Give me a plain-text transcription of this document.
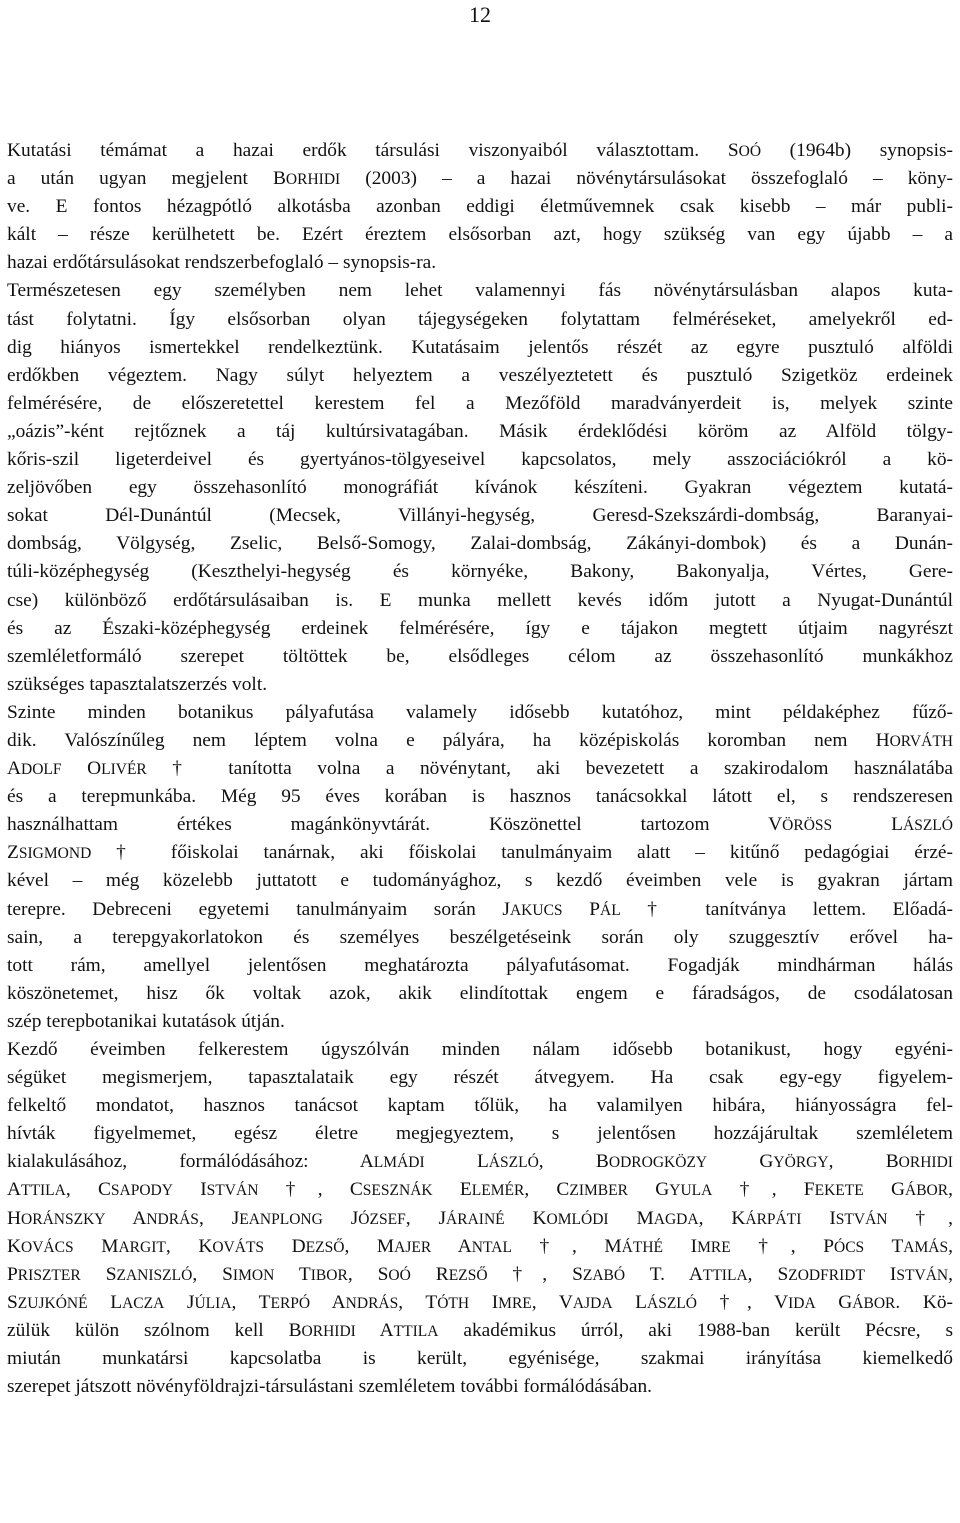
12
Kutatási témámat a hazai erdők társulási viszonyaiból választottam. SOÓ (1964b) synopsis-
a után ugyan megjelent BORHIDI (2003) – a hazai növénytársulásokat összefoglaló – köny-
ve. E fontos hézagpótló alkotásba azonban eddigi életművemnek csak kisebb – már publi-
kált – része kerülhetett be. Ezért éreztem elsősorban azt, hogy szükség van egy újabb – a
hazai erdőtársulásokat rendszerbefoglaló – synopsis-ra.
Természetesen egy személyben nem lehet valamennyi fás növénytársulásban alapos kuta-
tást folytatni. Így elsősorban olyan tájegységeken folytattam felméréseket, amelyekről ed-
dig hiányos ismertekkel rendelkeztünk. Kutatásaim jelentős részét az egyre pusztuló alföldi
erdőkben végeztem. Nagy súlyt helyeztem a veszélyeztetett és pusztuló Szigetköz erdeinek
felmérésére, de előszeretettel kerestem fel a Mezőföld maradványerdeit is, melyek szinte
„oázis”-ként rejtőznek a táj kultúrsivatagában. Másik érdeklődési köröm az Alföld tölgy-
kőris-szil ligeterdeivel és gyertyános-tölgyeseivel kapcsolatos, mely asszociációkról a kö-
zeljövőben egy összehasonlító monográfiát kívánok készíteni. Gyakran végeztem kutatá-
sokat Dél-Dunántúl (Mecsek, Villányi-hegység, Geresd-Szekszárdi-dombság, Baranyai-
dombság, Völgység, Zselic, Belső-Somogy, Zalai-dombság, Zákányi-dombok) és a Dunán-
túli-középhegység (Keszthelyi-hegység és környéke, Bakony, Bakonyalja, Vértes, Gere-
cse) különböző erdőtársulásaiban is. E munka mellett kevés időm jutott a Nyugat-Dunántúl
és az Északi-középhegység erdeinek felmérésére, így e tájakon megtett útjaim nagyrészt
szemléletformáló szerepet töltöttek be, elsődleges célom az összehasonlító munkákhoz
szükséges tapasztalatszerzés volt.
Szinte minden botanikus pályafutása valamely idősebb kutatóhoz, mint példaképhez fűző-
dik. Valószínűleg nem léptem volna e pályára, ha középiskolás koromban nem HORVÁTH
ADOLF OLIVÉR † tanította volna a növénytant, aki bevezetett a szakirodalom használatába
és a terepmunkába. Még 95 éves korában is hasznos tanácsokkal látott el, s rendszeresen
használhattam értékes magánkönyvtárát. Köszönettel tartozom VÖRÖSS	LÁSZLÓ
ZSIGMOND † főiskolai tanárnak, aki főiskolai tanulmányaim alatt – kitűnő pedagógiai érzé-
kével – még közelebb juttatott e tudományághoz, s kezdő éveimben vele is gyakran jártam
terepre. Debreceni egyetemi tanulmányaim során JAKUCS PÁL † tanítványa lettem. Előadá-
sain, a terepgyakorlatokon és személyes beszélgetéseink során oly szuggesztív erővel ha-
tott rám, amellyel jelentősen meghatározta pályafutásomat. Fogadják mindhárman hálás
köszönetemet, hisz ők voltak azok, akik elindítottak engem e fáradságos, de csodálatosan
szép terepbotanikai kutatások útján.
Kezdő éveimben felkerestem úgyszólván minden nálam idősebb botanikust, hogy egyéni-
ségüket megismerjem, tapasztalataik egy részét átvegyem. Ha csak egy-egy figyelem-
felkeltő mondatot, hasznos tanácsot kaptam tőlük, ha valamilyen hibára, hiányosságra fel-
hívták figyelmemet, egész életre megjegyeztem, s jelentősen hozzájárultak szemléletem
kialakulásához, formálódásához: ALMÁDI	LÁSZLÓ, BODROGKÖZY	GYÖRGY, BORHIDI
ATTILA, CSAPODY ISTVÁN †, CSESZNÁK ELEMÉR, CZIMBER GYULA †, FEKETE GÁBOR,
HORÁNSZKY ANDRÁS, JEANPLONG JÓZSEF, JÁRAINÉ KOMLÓDI MAGDA, KÁRPÁTI ISTVÁN †,
KOVÁCS MARGIT, KOVÁTS DEZSŐ, MAJER ANTAL †, MÁTHÉ IMRE †, PÓCS TAMÁS,
PRISZTER SZANISZLÓ, SIMON TIBOR, SOÓ REZSŐ †, SZABÓ T. ATTILA, SZODFRIDT ISTVÁN,
SZUJKÓNÉ LACZA JÚLIA, TERPÓ ANDRÁS, TÓTH IMRE, VAJDA LÁSZLÓ †, VIDA GÁBOR. Kö-
zülük külön szólnom kell BORHIDI ATTILA akadémikus úrról, aki 1988-ban került Pécsre, s
miután munkatársi kapcsolatba is került, egyénisége, szakmai irányítása kiemelkedő
szerepet játszott növényföldrajzi-társulástani szemléletem további formálódásában.
